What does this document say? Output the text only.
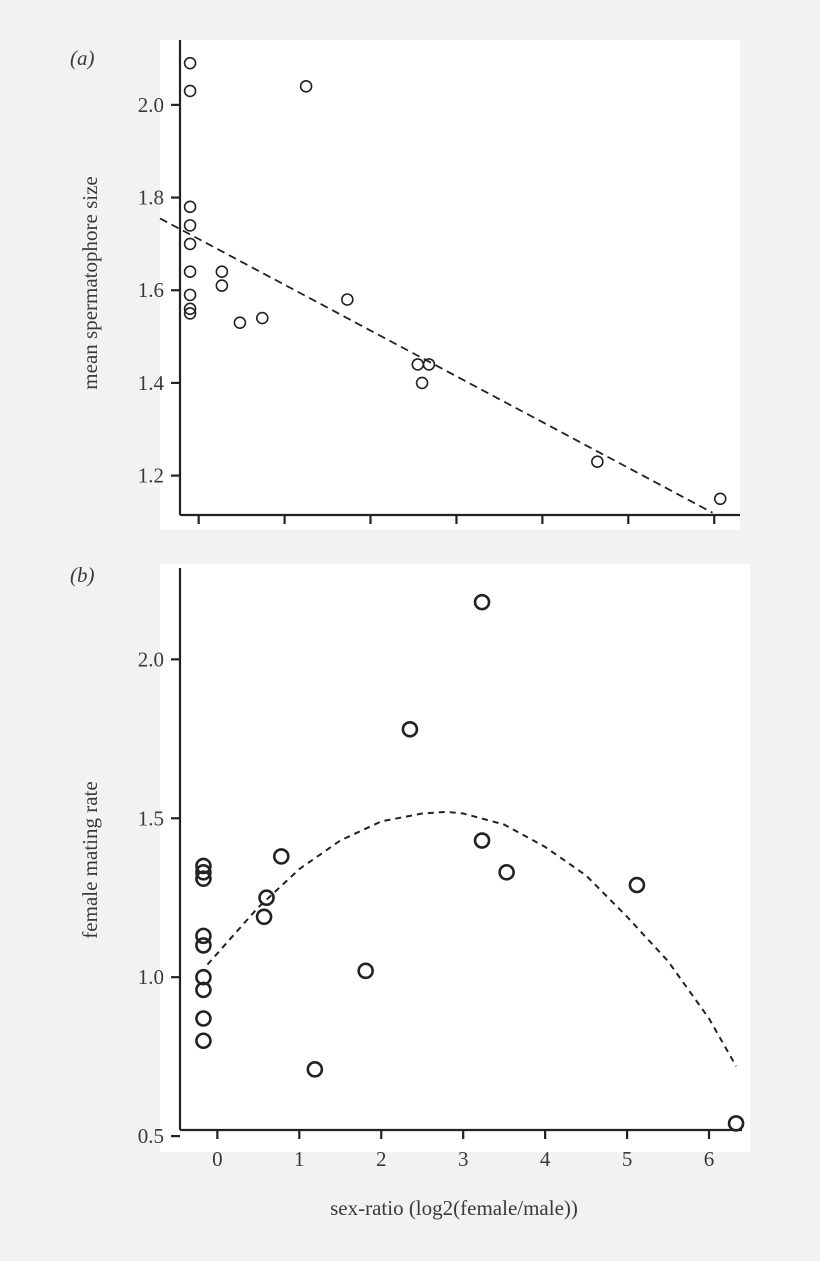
(a)
mean spermatophore size
1.2
1.4
1.6
1.8
2.0
(b)
female mating rate
0.5
1.0
1.5
2.0
0	1	2	3	4	5	6
sex-ratio (log2(female/male))
